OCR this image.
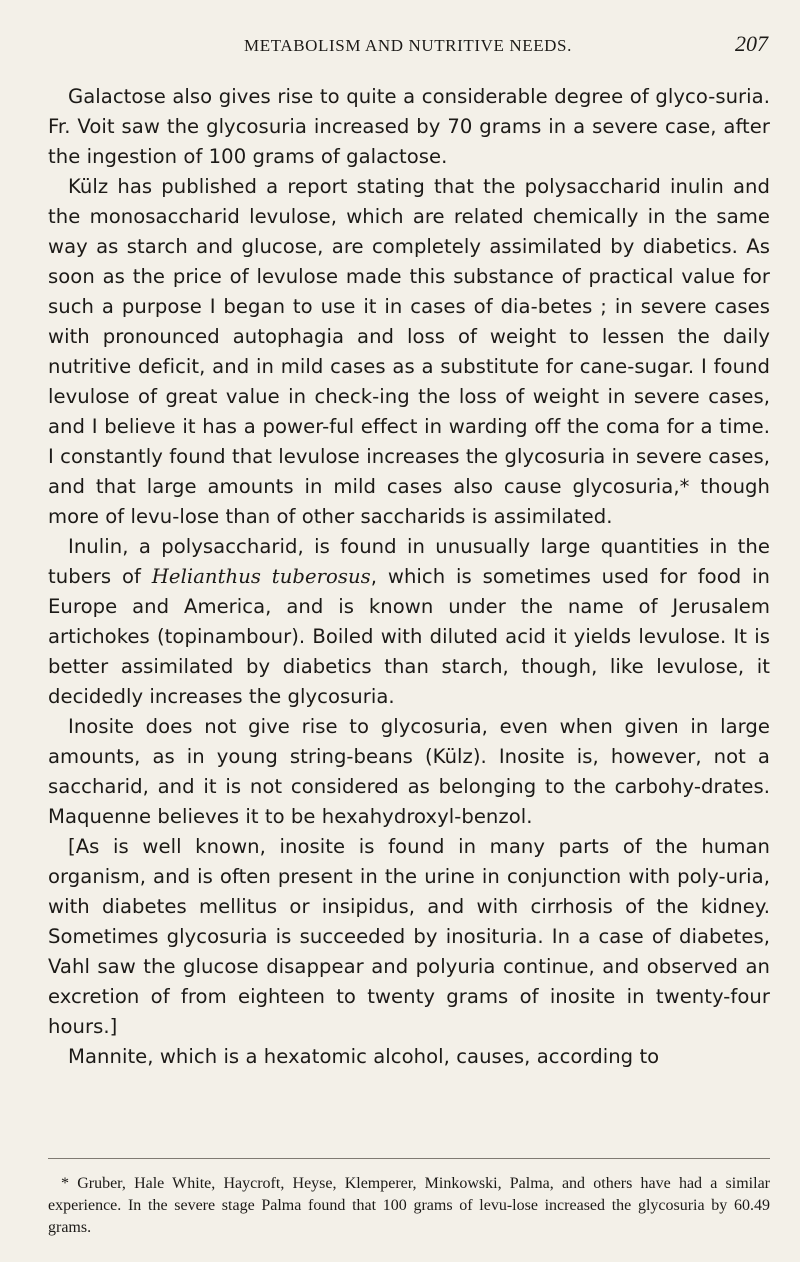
METABOLISM AND NUTRITIVE NEEDS.	207

Galactose also gives rise to quite a considerable degree of glyco-suria. Fr. Voit saw the glycosuria increased by 70 grams in a severe case, after the ingestion of 100 grams of galactose.

Külz has published a report stating that the polysaccharid inulin and the monosaccharid levulose, which are related chemically in the same way as starch and glucose, are completely assimilated by diabetics. As soon as the price of levulose made this substance of practical value for such a purpose I began to use it in cases of dia-betes ; in severe cases with pronounced autophagia and loss of weight to lessen the daily nutritive deficit, and in mild cases as a substitute for cane-sugar. I found levulose of great value in check-ing the loss of weight in severe cases, and I believe it has a power-ful effect in warding off the coma for a time. I constantly found that levulose increases the glycosuria in severe cases, and that large amounts in mild cases also cause glycosuria,* though more of levu-lose than of other saccharids is assimilated.

Inulin, a polysaccharid, is found in unusually large quantities in the tubers of Helianthus tuberosus, which is sometimes used for food in Europe and America, and is known under the name of Jerusalem artichokes (topinambour). Boiled with diluted acid it yields levulose. It is better assimilated by diabetics than starch, though, like levulose, it decidedly increases the glycosuria.

Inosite does not give rise to glycosuria, even when given in large amounts, as in young string-beans (Külz). Inosite is, however, not a saccharid, and it is not considered as belonging to the carbohy-drates. Maquenne believes it to be hexahydroxyl-benzol.

[As is well known, inosite is found in many parts of the human organism, and is often present in the urine in conjunction with poly-uria, with diabetes mellitus or insipidus, and with cirrhosis of the kidney. Sometimes glycosuria is succeeded by inosituria. In a case of diabetes, Vahl saw the glucose disappear and polyuria continue, and observed an excretion of from eighteen to twenty grams of inosite in twenty-four hours.]

Mannite, which is a hexatomic alcohol, causes, according to

* Gruber, Hale White, Haycroft, Heyse, Klemperer, Minkowski, Palma, and others have had a similar experience. In the severe stage Palma found that 100 grams of levu-lose increased the glycosuria by 60.49 grams.
